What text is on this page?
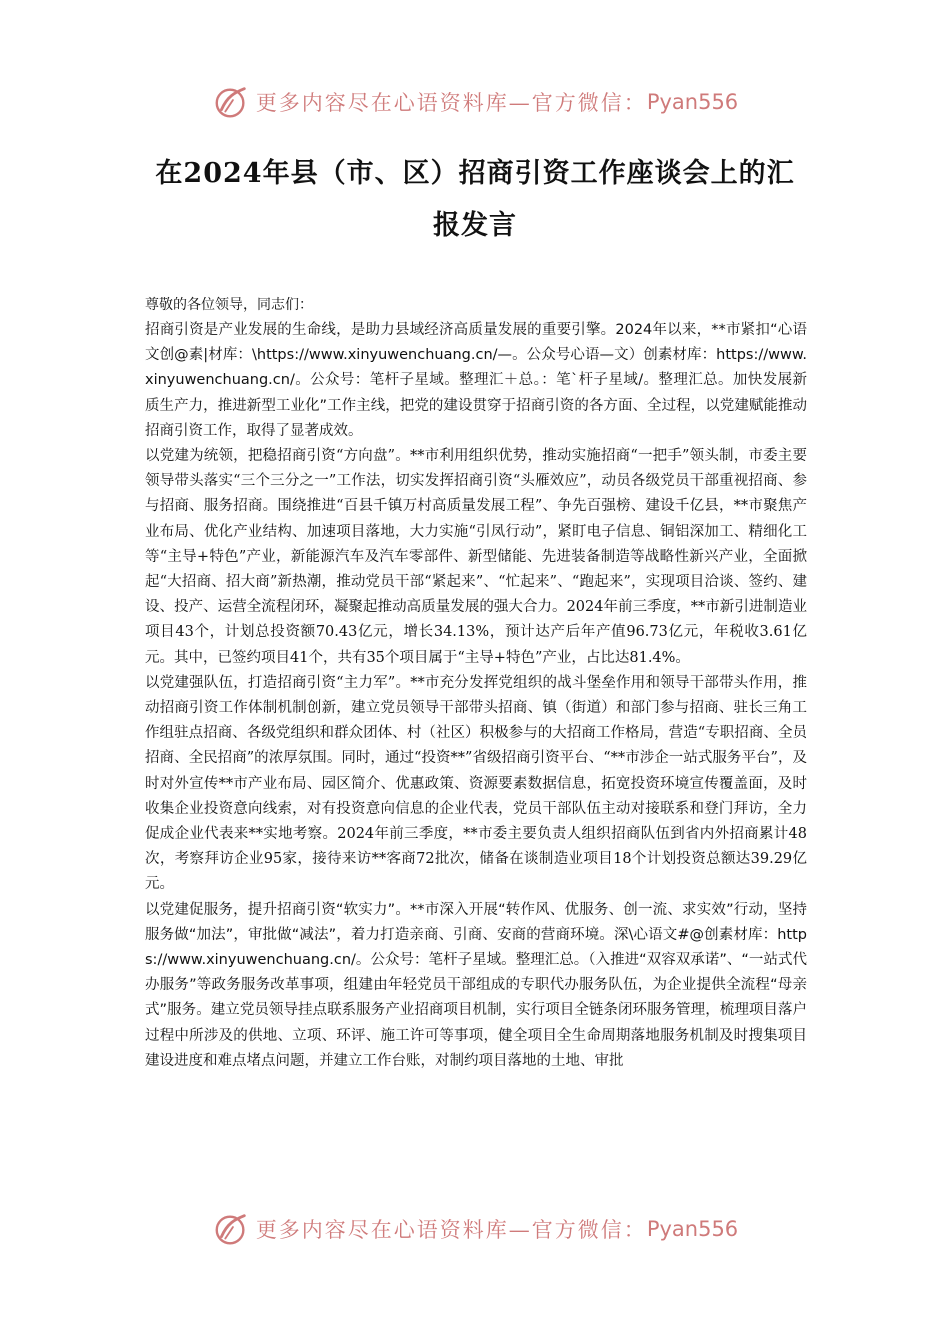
更多内容尽在心语资料库—官方微信： Pyan556
在2024年县（市、区）招商引资工作座谈会上的汇报发言

尊敬的各位领导，同志们：

招商引资是产业发展的生命线，是助力县域经济高质量发展的重要引擎。2024年以来，**市紧扣“心语文创@素|材库：\https://www.xinyuwenchuang.cn/—。公众号心语—文）创素材库：https://www.xinyuwenchuang.cn/。公众号：笔杆子星域。整理汇＋总。：笔`杆子星域/。整理汇总。加快发展新质生产力，推进新型工业化”工作主线，把党的建设贯穿于招商引资的各方面、全过程，以党建赋能推动招商引资工作，取得了显著成效。

以党建为统领，把稳招商引资“方向盘”。**市利用组织优势，推动实施招商“一把手”领头制，市委主要领导带头落实“三个三分之一”工作法，切实发挥招商引资“头雁效应”，动员各级党员干部重视招商、参与招商、服务招商。围绕推进“百县千镇万村高质量发展工程”、争先百强榜、建设千亿县，**市聚焦产业布局、优化产业结构、加速项目落地，大力实施“引凤行动”，紧盯电子信息、铜铝深加工、精细化工等“主导+特色”产业，新能源汽车及汽车零部件、新型储能、先进装备制造等战略性新兴产业，全面掀起“大招商、招大商”新热潮，推动党员干部“紧起来”、“忙起来”、“跑起来”，实现项目洽谈、签约、建设、投产、运营全流程闭环，凝聚起推动高质量发展的强大合力。2024年前三季度，**市新引进制造业项目43个，计划总投资额70.43亿元，增长34.13%，预计达产后年产值96.73亿元，年税收3.61亿元。其中，已签约项目41个，共有35个项目属于“主导+特色”产业，占比达81.4%。

以党建强队伍，打造招商引资“主力军”。**市充分发挥党组织的战斗堡垒作用和领导干部带头作用，推动招商引资工作体制机制创新，建立党员领导干部带头招商、镇（街道）和部门参与招商、驻长三角工作组驻点招商、各级党组织和群众团体、村（社区）积极参与的大招商工作格局，营造“专职招商、全员招商、全民招商”的浓厚氛围。同时，通过“投资**”省级招商引资平台、“**市涉企一站式服务平台”，及时对外宣传**市产业布局、园区简介、优惠政策、资源要素数据信息，拓宽投资环境宣传覆盖面，及时收集企业投资意向线索，对有投资意向信息的企业代表，党员干部队伍主动对接联系和登门拜访，全力促成企业代表来**实地考察。2024年前三季度，**市委主要负责人组织招商队伍到省内外招商累计48次，考察拜访企业95家，接待来访**客商72批次，储备在谈制造业项目18个计划投资总额达39.29亿元。

以党建促服务，提升招商引资“软实力”。**市深入开展“转作风、优服务、创一流、求实效”行动，坚持服务做“加法”，审批做“减法”，着力打造亲商、引商、安商的营商环境。深\心语文#@创素材库：https://www.xinyuwenchuang.cn/。公众号：笔杆子星域。整理汇总。（入推进“双容双承诺”、“一站式代办服务”等政务服务改革事项，组建由年轻党员干部组成的专职代办服务队伍，为企业提供全流程“母亲式”服务。建立党员领导挂点联系服务产业招商项目机制，实行项目全链条闭环服务管理，梳理项目落户过程中所涉及的供地、立项、环评、施工许可等事项，健全项目全生命周期落地服务机制及时搜集项目建设进度和难点堵点问题，并建立工作台账，对制约项目落地的土地、审批

更多内容尽在心语资料库—官方微信： Pyan556
